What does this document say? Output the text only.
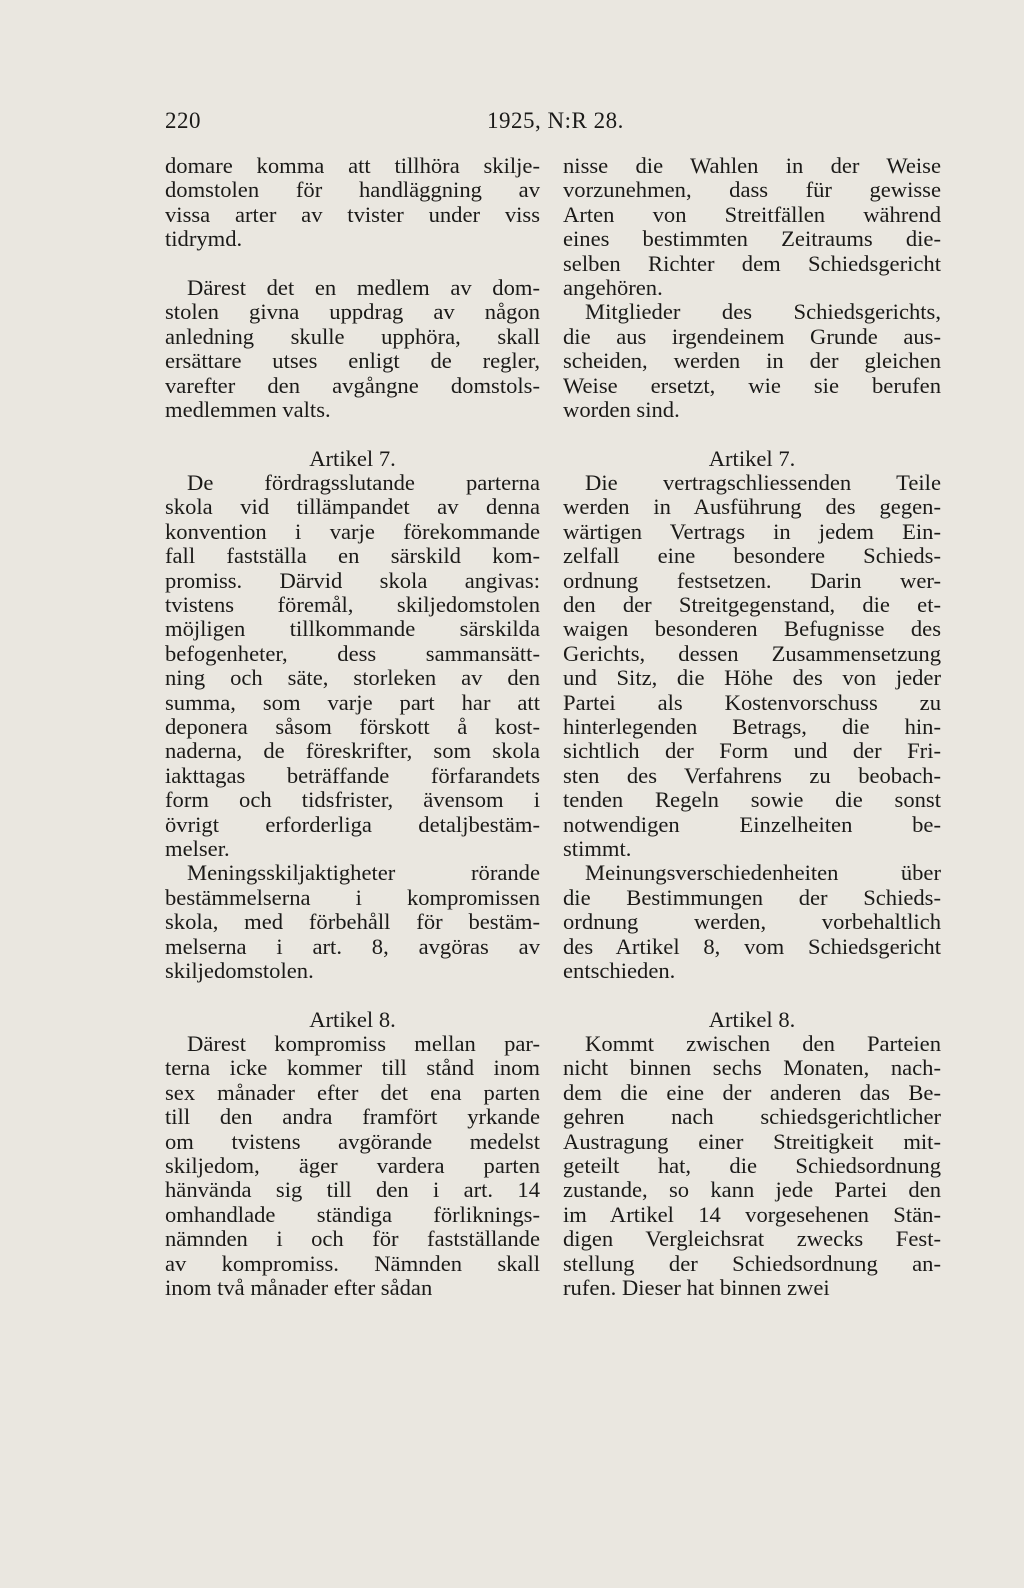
220	1925, N:R 28.
domare komma att tillhöra skilje-
domstolen för handläggning av
vissa arter av tvister under viss
tidrymd.
Därest det en medlem av dom-
stolen givna uppdrag av någon
anledning skulle upphöra, skall
ersättare utses enligt de regler,
varefter den avgångne domstols-
medlemmen valts.
Artikel 7.
De fördragsslutande parterna
skola vid tillämpandet av denna
konvention i varje förekommande
fall fastställa en särskild kom-
promiss. Därvid skola angivas:
tvistens föremål, skiljedomstolen
möjligen tillkommande särskilda
befogenheter, dess sammansätt-
ning och säte, storleken av den
summa, som varje part har att
deponera såsom förskott å kost-
naderna, de föreskrifter, som skola
iakttagas beträffande förfarandets
form och tidsfrister, ävensom i
övrigt erforderliga detaljbestäm-
melser.
Meningsskiljaktigheter rörande
bestämmelserna i kompromissen
skola, med förbehåll för bestäm-
melserna i art. 8, avgöras av
skiljedomstolen.
Artikel 8.
Därest kompromiss mellan par-
terna icke kommer till stånd inom
sex månader efter det ena parten
till den andra framfört yrkande
om tvistens avgörande medelst
skiljedom, äger vardera parten
hänvända sig till den i art. 14
omhandlade ständiga förliknings-
nämnden i och för fastställande
av kompromiss. Nämnden skall
inom två månader efter sådan
nisse die Wahlen in der Weise
vorzunehmen, dass für gewisse
Arten von Streitfällen während
eines bestimmten Zeitraums die-
selben Richter dem Schiedsgericht
angehören.
Mitglieder des Schiedsgerichts,
die aus irgendeinem Grunde aus-
scheiden, werden in der gleichen
Weise ersetzt, wie sie berufen
worden sind.
Artikel 7.
Die vertragschliessenden Teile
werden in Ausführung des gegen-
wärtigen Vertrags in jedem Ein-
zelfall eine besondere Schieds-
ordnung festsetzen. Darin wer-
den der Streitgegenstand, die et-
waigen besonderen Befugnisse des
Gerichts, dessen Zusammensetzung
und Sitz, die Höhe des von jeder
Partei als Kostenvorschuss zu
hinterlegenden Betrags, die hin-
sichtlich der Form und der Fri-
sten des Verfahrens zu beobach-
tenden Regeln sowie die sonst
notwendigen Einzelheiten be-
stimmt.
Meinungsverschiedenheiten über
die Bestimmungen der Schieds-
ordnung werden, vorbehaltlich
des Artikel 8, vom Schiedsgericht
entschieden.
Artikel 8.
Kommt zwischen den Parteien
nicht binnen sechs Monaten, nach-
dem die eine der anderen das Be-
gehren nach schiedsgerichtlicher
Austragung einer Streitigkeit mit-
geteilt hat, die Schiedsordnung
zustande, so kann jede Partei den
im Artikel 14 vorgesehenen Stän-
digen Vergleichsrat zwecks Fest-
stellung der Schiedsordnung an-
rufen. Dieser hat binnen zwei
